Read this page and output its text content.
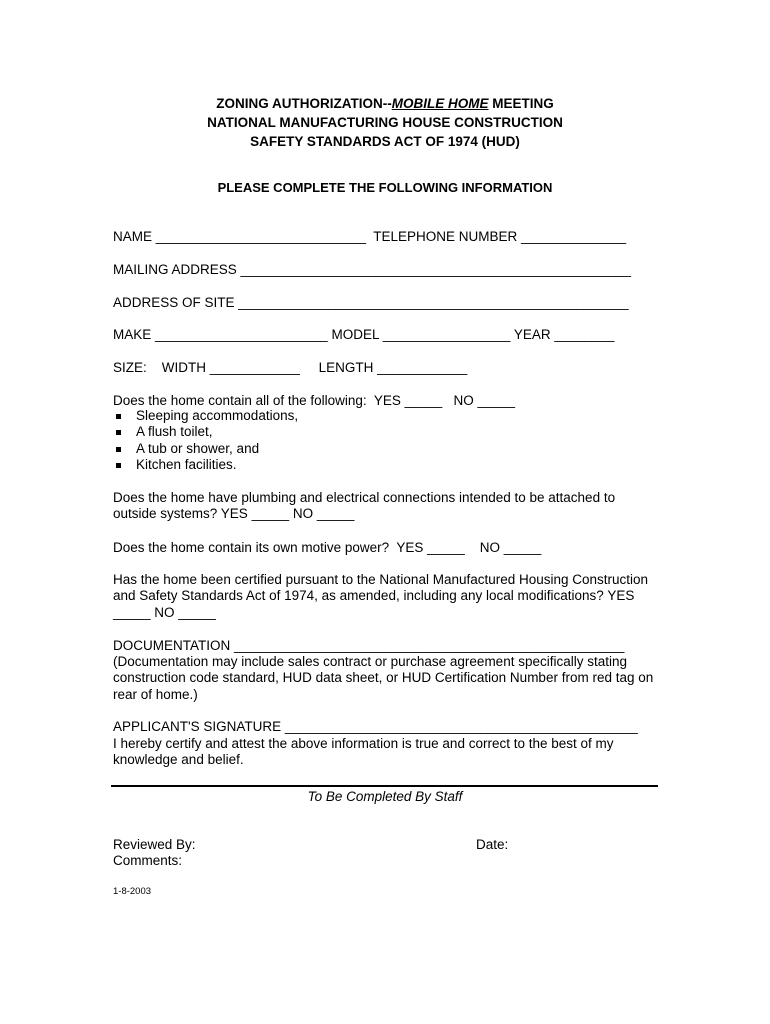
ZONING AUTHORIZATION--MOBILE HOME MEETING
NATIONAL MANUFACTURING HOUSE CONSTRUCTION
SAFETY STANDARDS ACT OF 1974 (HUD)
PLEASE COMPLETE THE FOLLOWING INFORMATION
NAME ____________________________  TELEPHONE NUMBER ______________
MAILING ADDRESS ____________________________________________________
ADDRESS OF SITE ____________________________________________________
MAKE _______________________ MODEL _________________ YEAR ________
SIZE:    WIDTH ____________     LENGTH ____________
Does the home contain all of the following:  YES _____   NO _____
Sleeping accommodations,
A flush toilet,
A tub or shower, and
Kitchen facilities.
Does the home have plumbing and electrical connections intended to be attached to outside systems? YES _____ NO _____
Does the home contain its own motive power?  YES _____    NO _____
Has the home been certified pursuant to the National Manufactured Housing Construction and Safety Standards Act of 1974, as amended, including any local modifications? YES _____ NO _____
DOCUMENTATION ____________________________________________________
(Documentation may include sales contract or purchase agreement specifically stating construction code standard, HUD data sheet, or HUD Certification Number from red tag on rear of home.)
APPLICANT'S SIGNATURE _______________________________________________
I hereby certify and attest the above information is true and correct to the best of my knowledge and belief.
To Be Completed By Staff
Reviewed By:	Date:
Comments:
1-8-2003
